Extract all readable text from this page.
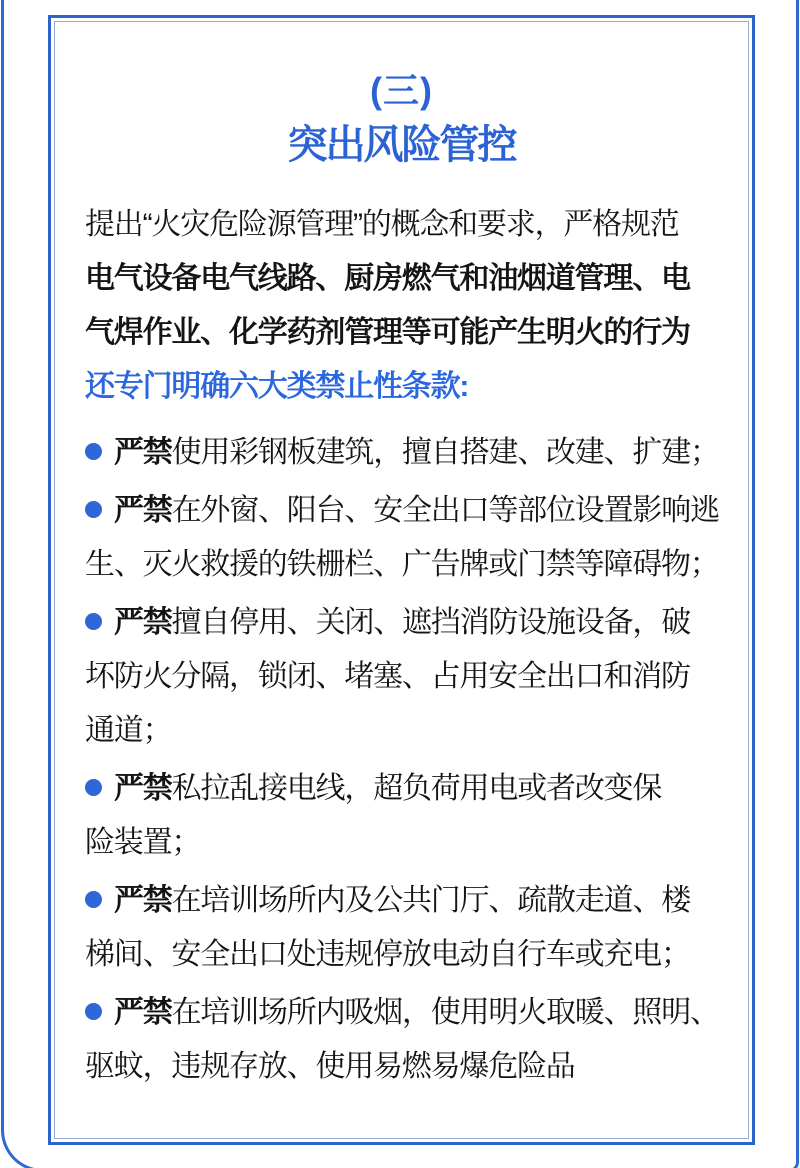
(三)
突出风险管控
提出“火灾危险源管理”的概念和要求，严格规范
电气设备电气线路、厨房燃气和油烟道管理、电
气焊作业、化学药剂管理等可能产生明火的行为
还专门明确六大类禁止性条款:
严禁使用彩钢板建筑，擅自搭建、改建、扩建；
严禁在外窗、阳台、安全出口等部位设置影响逃
生、灭火救援的铁栅栏、广告牌或门禁等障碍物；
严禁擅自停用、关闭、遮挡消防设施设备，破
坏防火分隔，锁闭、堵塞、占用安全出口和消防
通道；
严禁私拉乱接电线，超负荷用电或者改变保
险装置；
严禁在培训场所内及公共门厅、疏散走道、楼
梯间、安全出口处违规停放电动自行车或充电；
严禁在培训场所内吸烟，使用明火取暖、照明、
驱蚊，违规存放、使用易燃易爆危险品
